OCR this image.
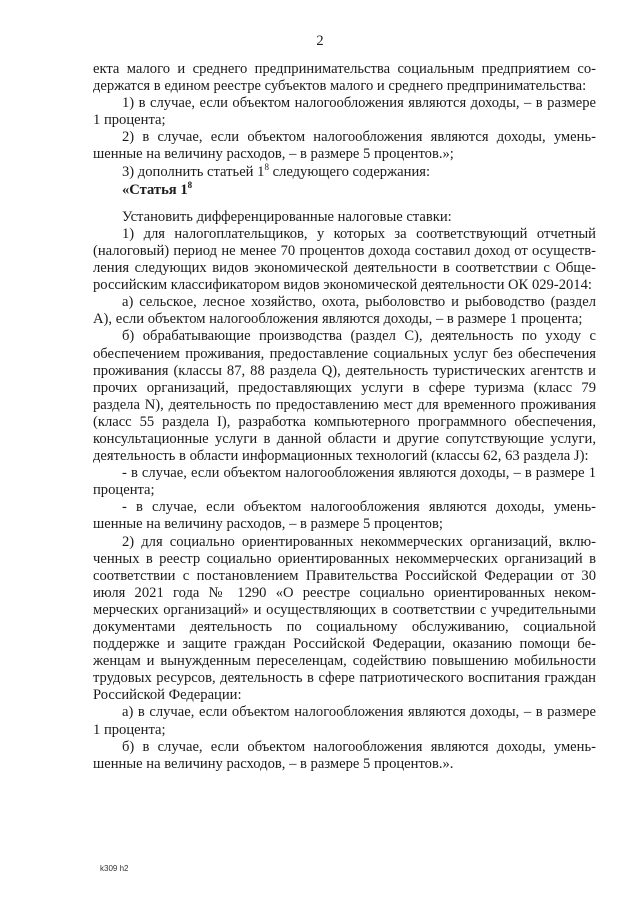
2

екта малого и среднего предпринимательства социальным предприятием содержатся в едином реестре субъектов малого и среднего предпринимательства:

1) в случае, если объектом налогообложения являются доходы, – в размере 1 процента;

2) в случае, если объектом налогообложения являются доходы, уменьшенные на величину расходов, – в размере 5 процентов.»;

3) дополнить статьей $1^8$ следующего содержания:

«Статья $1^8$

Установить дифференцированные налоговые ставки:

1) для налогоплательщиков, у которых за соответствующий отчетный (налоговый) период не менее 70 процентов дохода составил доход от осуществления следующих видов экономической деятельности в соответствии с Общероссийским классификатором видов экономической деятельности ОК 029-2014:

а) сельское, лесное хозяйство, охота, рыболовство и рыбоводство (раздел А), если объектом налогообложения являются доходы, – в размере 1 процента;

б) обрабатывающие производства (раздел С), деятельность по уходу с обеспечением проживания, предоставление социальных услуг без обеспечения проживания (классы 87, 88 раздела Q), деятельность туристических агентств и прочих организаций, предоставляющих услуги в сфере туризма (класс 79 раздела N), деятельность по предоставлению мест для временного проживания (класс 55 раздела I), разработка компьютерного программного обеспечения, консультационные услуги в данной области и другие сопутствующие услуги, деятельность в области информационных технологий (классы 62, 63 раздела J):

- в случае, если объектом налогообложения являются доходы, – в размере 1 процента;

- в случае, если объектом налогообложения являются доходы, уменьшенные на величину расходов, – в размере 5 процентов;

2) для социально ориентированных некоммерческих организаций, включенных в реестр социально ориентированных некоммерческих организаций в соответствии с постановлением Правительства Российской Федерации от 30 июля 2021 года № 1290 «О реестре социально ориентированных некоммерческих организаций» и осуществляющих в соответствии с учредительными документами деятельность по социальному обслуживанию, социальной поддержке и защите граждан Российской Федерации, оказанию помощи беженцам и вынужденным переселенцам, содействию повышению мобильности трудовых ресурсов, деятельность в сфере патриотического воспитания граждан Российской Федерации:

а) в случае, если объектом налогообложения являются доходы, – в размере 1 процента;

б) в случае, если объектом налогообложения являются доходы, уменьшенные на величину расходов, – в размере 5 процентов.».

k309 h2
